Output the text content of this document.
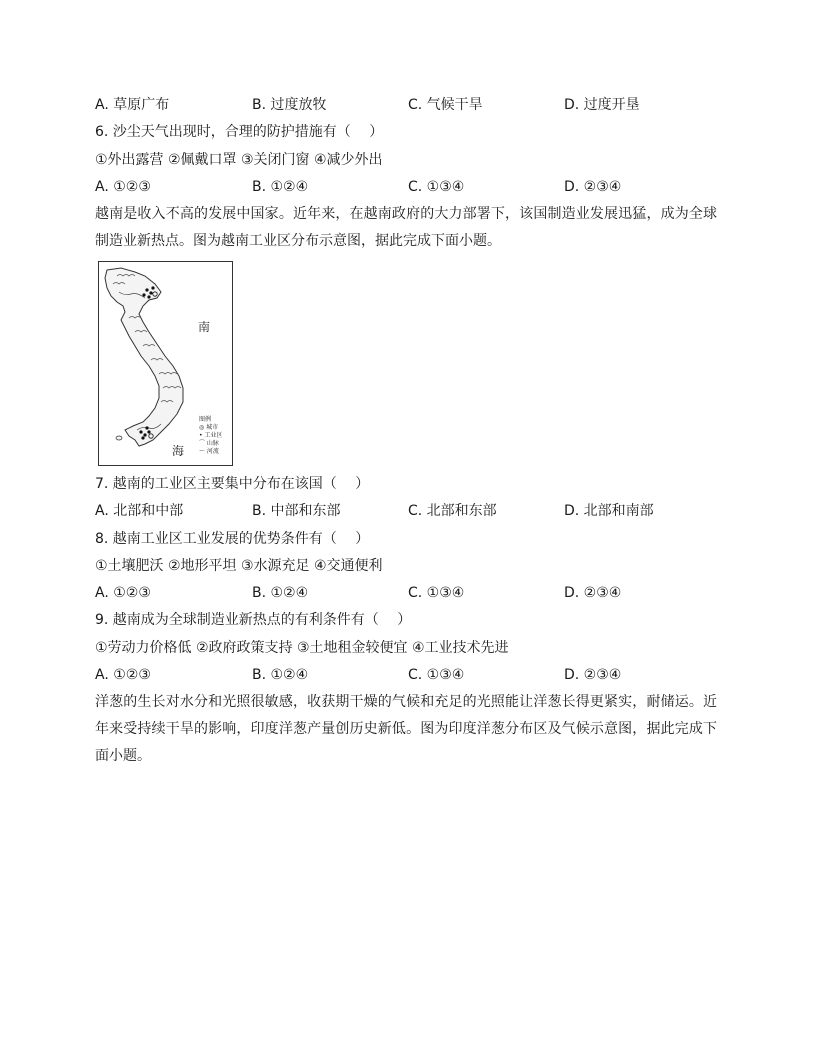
A. 草原广布	B. 过度放牧	C. 气候干旱	D. 过度开垦
6. 沙尘天气出现时，合理的防护措施有（　 ）
①外出露营 ②佩戴口罩 ③关闭门窗 ④减少外出
A. ①②③	B. ①②④	C. ①③④	D. ②③④
越南是收入不高的发展中国家。近年来，在越南政府的大力部署下，该国制造业发展迅猛，成为全球制造业新热点。图为越南工业区分布示意图，据此完成下面小题。
南
海
图例
◎ 城市
• 工业区
⌒ 山脉
～ 河流
7. 越南的工业区主要集中分布在该国（　 ）
A. 北部和中部	B. 中部和东部	C. 北部和东部	D. 北部和南部
8. 越南工业区工业发展的优势条件有（　 ）
①土壤肥沃 ②地形平坦 ③水源充足 ④交通便利
A. ①②③	B. ①②④	C. ①③④	D. ②③④
9. 越南成为全球制造业新热点的有利条件有（　 ）
①劳动力价格低 ②政府政策支持 ③土地租金较便宜 ④工业技术先进
A. ①②③	B. ①②④	C. ①③④	D. ②③④
洋葱的生长对水分和光照很敏感，收获期干燥的气候和充足的光照能让洋葱长得更紧实，耐储运。近年来受持续干旱的影响，印度洋葱产量创历史新低。图为印度洋葱分布区及气候示意图，据此完成下面小题。
